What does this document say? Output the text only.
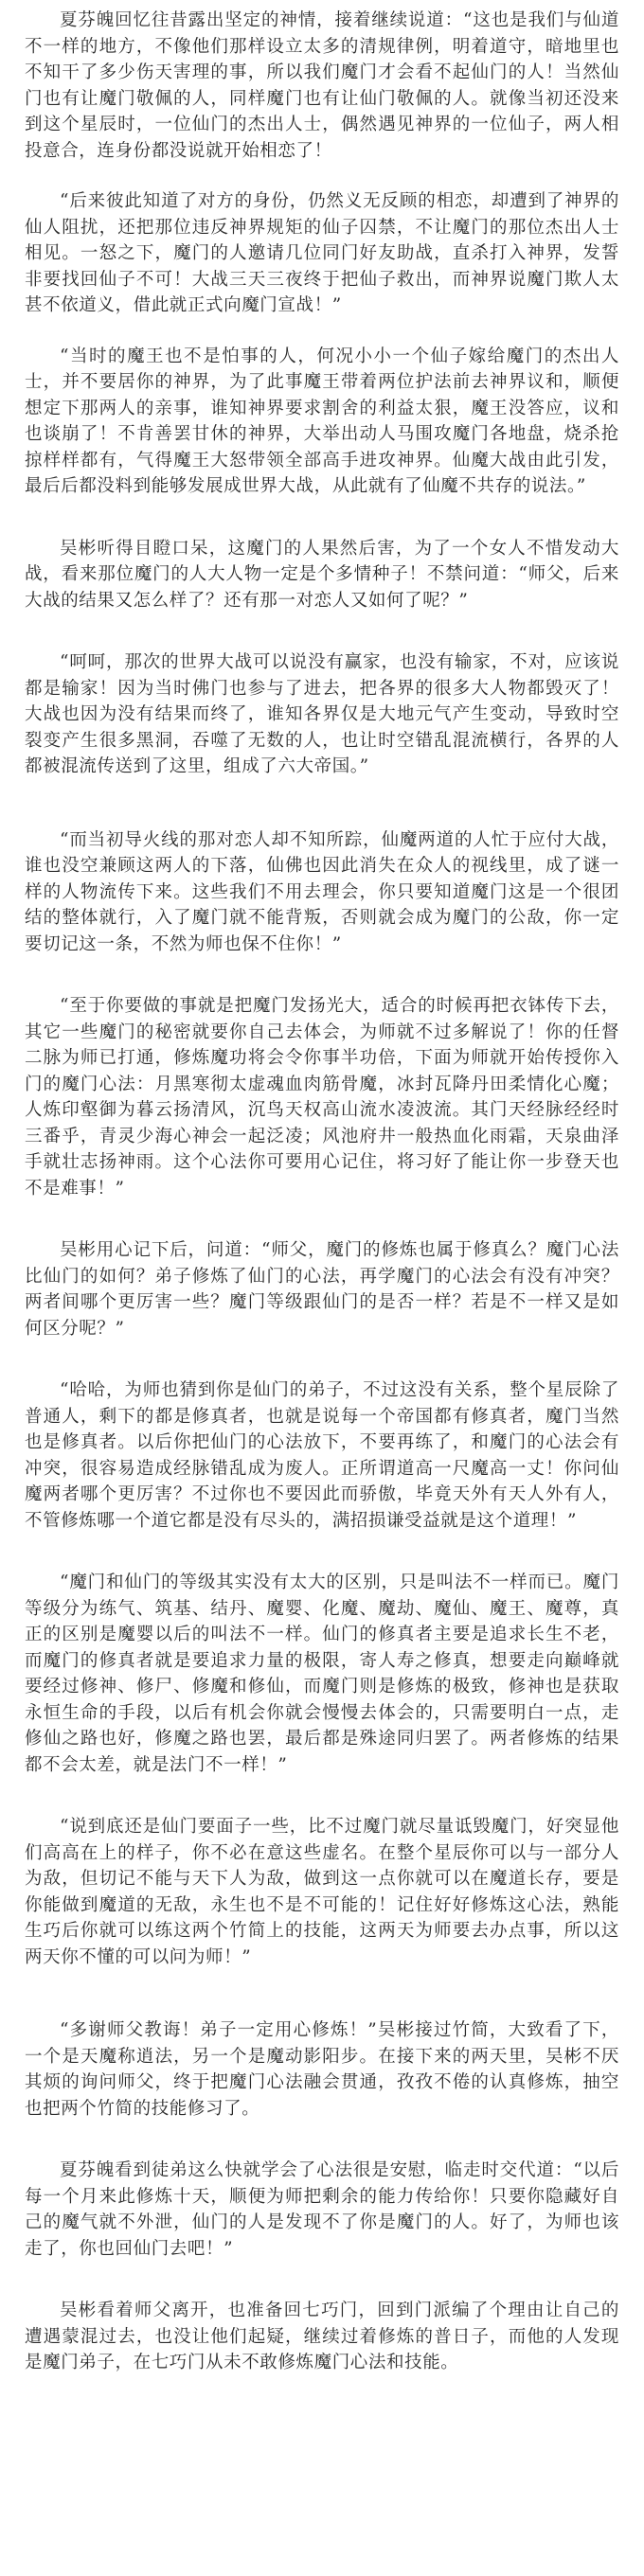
夏芬魄回忆往昔露出坚定的神情，接着继续说道：“这也是我们与仙道不一样的地方，不像他们那样设立太多的清规律例，明着道守，暗地里也不知干了多少伤天害理的事，所以我们魔门才会看不起仙门的人！当然仙门也有让魔门敬佩的人，同样魔门也有让仙门敬佩的人。就像当初还没来到这个星辰时，一位仙门的杰出人士，偶然遇见神界的一位仙子，两人相投意合，连身份都没说就开始相恋了！

“后来彼此知道了对方的身份，仍然义无反顾的相恋，却遭到了神界的仙人阻扰，还把那位违反神界规矩的仙子囚禁，不让魔门的那位杰出人士相见。一怒之下，魔门的人邀请几位同门好友助战，直杀打入神界，发誓非要找回仙子不可！大战三天三夜终于把仙子救出，而神界说魔门欺人太甚不依道义，借此就正式向魔门宣战！”

“当时的魔王也不是怕事的人，何况小小一个仙子嫁给魔门的杰出人士，并不要居你的神界，为了此事魔王带着两位护法前去神界议和，顺便想定下那两人的亲事，谁知神界要求割舍的利益太狠，魔王没答应，议和也谈崩了！不肯善罢甘休的神界，大举出动人马围攻魔门各地盘，烧杀抢掠样样都有，气得魔王大怒带领全部高手进攻神界。仙魔大战由此引发，最后后都没料到能够发展成世界大战，从此就有了仙魔不共存的说法。”

吴彬听得目瞪口呆，这魔门的人果然后害，为了一个女人不惜发动大战，看来那位魔门的人大人物一定是个多情种子！不禁问道：“师父，后来大战的结果又怎么样了？还有那一对恋人又如何了呢？”

“呵呵，那次的世界大战可以说没有赢家，也没有输家，不对，应该说都是输家！因为当时佛门也参与了进去，把各界的很多大人物都毁灭了！大战也因为没有结果而终了，谁知各界仅是大地元气产生变动，导致时空裂变产生很多黑洞，吞噬了无数的人，也让时空错乱混流横行，各界的人都被混流传送到了这里，组成了六大帝国。”

“而当初导火线的那对恋人却不知所踪，仙魔两道的人忙于应付大战，谁也没空兼顾这两人的下落，仙佛也因此消失在众人的视线里，成了谜一样的人物流传下来。这些我们不用去理会，你只要知道魔门这是一个很团结的整体就行，入了魔门就不能背叛，否则就会成为魔门的公敌，你一定要切记这一条，不然为师也保不住你！”

“至于你要做的事就是把魔门发扬光大，适合的时候再把衣钵传下去，其它一些魔门的秘密就要你自己去体会，为师就不过多解说了！你的任督二脉为师已打通，修炼魔功将会令你事半功倍，下面为师就开始传授你入门的魔门心法：月黑寒彻太虚魂血肉筋骨魔，冰封瓦降丹田柔情化心魔；人炼印壑御为暮云扬清风，沉鸟天权高山流水凌波流。其门天经脉经经时三番乎，青灵少海心神会一起泛凌；风池府井一般热血化雨霜，天泉曲泽手就壮志扬神雨。这个心法你可要用心记住，将习好了能让你一步登天也不是难事！”

吴彬用心记下后，问道：“师父，魔门的修炼也属于修真么？魔门心法比仙门的如何？弟子修炼了仙门的心法，再学魔门的心法会有没有冲突？两者间哪个更厉害一些？魔门等级跟仙门的是否一样？若是不一样又是如何区分呢？”

“哈哈，为师也猜到你是仙门的弟子，不过这没有关系，整个星辰除了普通人，剩下的都是修真者，也就是说每一个帝国都有修真者，魔门当然也是修真者。以后你把仙门的心法放下，不要再练了，和魔门的心法会有冲突，很容易造成经脉错乱成为废人。正所谓道高一尺魔高一丈！你问仙魔两者哪个更厉害？不过你也不要因此而骄傲，毕竟天外有天人外有人，不管修炼哪一个道它都是没有尽头的，满招损谦受益就是这个道理！”

“魔门和仙门的等级其实没有太大的区别，只是叫法不一样而已。魔门等级分为练气、筑基、结丹、魔婴、化魔、魔劫、魔仙、魔王、魔尊，真正的区别是魔婴以后的叫法不一样。仙门的修真者主要是追求长生不老，而魔门的修真者就是要追求力量的极限，寄人寿之修真，想要走向巅峰就要经过修神、修尸、修魔和修仙，而魔门则是修炼的极致，修神也是获取永恒生命的手段，以后有机会你就会慢慢去体会的，只需要明白一点，走修仙之路也好，修魔之路也罢，最后都是殊途同归罢了。两者修炼的结果都不会太差，就是法门不一样！”

“说到底还是仙门要面子一些，比不过魔门就尽量诋毁魔门，好突显他们高高在上的样子，你不必在意这些虚名。在整个星辰你可以与一部分人为敌，但切记不能与天下人为敌，做到这一点你就可以在魔道长存，要是你能做到魔道的无敌，永生也不是不可能的！记住好好修炼这心法，熟能生巧后你就可以练这两个竹简上的技能，这两天为师要去办点事，所以这两天你不懂的可以问为师！”

“多谢师父教诲！弟子一定用心修炼！”吴彬接过竹简，大致看了下，一个是天魔称逍法，另一个是魔动影阳步。在接下来的两天里，吴彬不厌其烦的询问师父，终于把魔门心法融会贯通，孜孜不倦的认真修炼，抽空也把两个竹简的技能修习了。

夏芬魄看到徒弟这么快就学会了心法很是安慰，临走时交代道：“以后每一个月来此修炼十天，顺便为师把剩余的能力传给你！只要你隐藏好自己的魔气就不外泄，仙门的人是发现不了你是魔门的人。好了，为师也该走了，你也回仙门去吧！”

吴彬看着师父离开，也准备回七巧门，回到门派编了个理由让自己的遭遇蒙混过去，也没让他们起疑，继续过着修炼的普日子，而他的人发现是魔门弟子，在七巧门从未不敢修炼魔门心法和技能。
